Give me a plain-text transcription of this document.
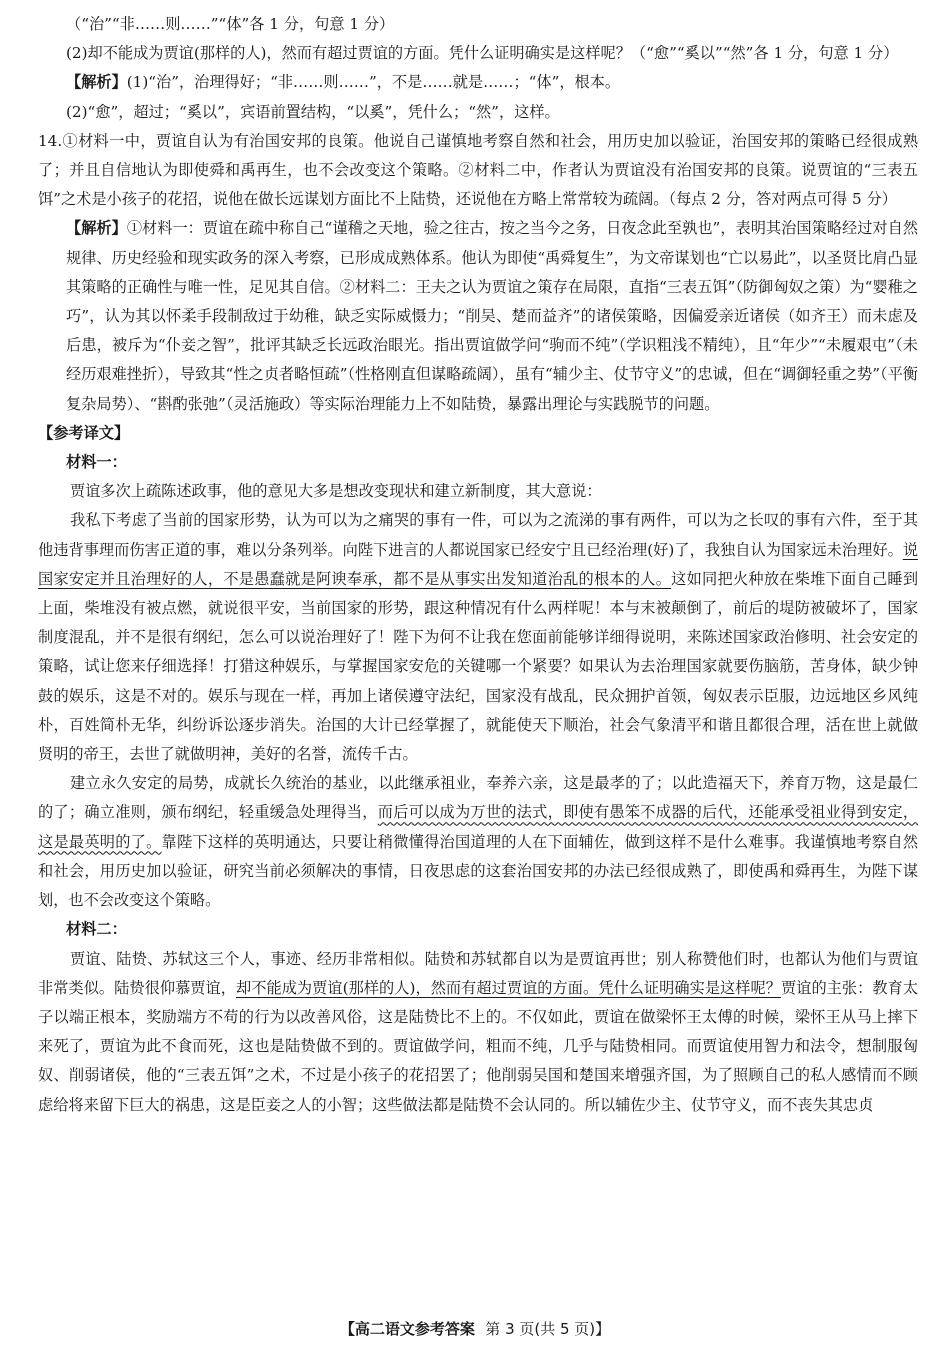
（“治”“非……则……”“体”各 1 分，句意 1 分）

(2)却不能成为贾谊(那样的人)，然而有超过贾谊的方面。凭什么证明确实是这样呢？（“愈”“奚以”“然”各 1 分，句意 1 分）

【解析】(1)“治”，治理得好；“非……则……”，不是……就是……；“体”，根本。

(2)“愈”，超过；“奚以”，宾语前置结构，“以奚”，凭什么；“然”，这样。

14.①材料一中，贾谊自认为有治国安邦的良策。他说自己谨慎地考察自然和社会，用历史加以验证，治国安邦的策略已经很成熟了；并且自信地认为即使舜和禹再生，也不会改变这个策略。②材料二中，作者认为贾谊没有治国安邦的良策。说贾谊的“三表五饵”之术是小孩子的花招，说他在做长远谋划方面比不上陆贽，还说他在方略上常常较为疏阔。（每点 2 分，答对两点可得 5 分）

【解析】①材料一：贾谊在疏中称自己“谨稽之天地，验之往古，按之当今之务，日夜念此至孰也”，表明其治国策略经过对自然规律、历史经验和现实政务的深入考察，已形成成熟体系。他认为即使“禹舜复生”，为文帝谋划也“亡以易此”，以圣贤比肩凸显其策略的正确性与唯一性，足见其自信。②材料二：王夫之认为贾谊之策存在局限，直指“三表五饵”（防御匈奴之策）为“婴稚之巧”，认为其以怀柔手段制敌过于幼稚，缺乏实际威慑力；“削吴、楚而益齐”的诸侯策略，因偏爱亲近诸侯（如齐王）而未虑及后患，被斥为“仆妾之智”，批评其缺乏长远政治眼光。指出贾谊做学问“驹而不纯”（学识粗浅不精纯），且“年少”“未履艰屯”（未经历艰难挫折），导致其“性之贞者略恒疏”（性格刚直但谋略疏阔），虽有“辅少主、仗节守义”的忠诚，但在“调御轻重之势”（平衡复杂局势）、“斟酌张弛”（灵活施政）等实际治理能力上不如陆贽，暴露出理论与实践脱节的问题。

【参考译文】

材料一：

贾谊多次上疏陈述政事，他的意见大多是想改变现状和建立新制度，其大意说：

我私下考虑了当前的国家形势，认为可以为之痛哭的事有一件，可以为之流涕的事有两件，可以为之长叹的事有六件，至于其他违背事理而伤害正道的事，难以分条列举。向陛下进言的人都说国家已经安宁且已经治理(好)了，我独自认为国家远未治理好。说国家安定并且治理好的人，不是愚蠢就是阿谀奉承，都不是从事实出发知道治乱的根本的人。这如同把火种放在柴堆下面自己睡到上面，柴堆没有被点燃，就说很平安，当前国家的形势，跟这种情况有什么两样呢！本与末被颠倒了，前后的堤防被破坏了，国家制度混乱，并不是很有纲纪，怎么可以说治理好了！陛下为何不让我在您面前能够详细得说明，来陈述国家政治修明、社会安定的策略，试让您来仔细选择！打猎这种娱乐，与掌握国家安危的关键哪一个紧要？如果认为去治理国家就要伤脑筋，苦身体，缺少钟鼓的娱乐，这是不对的。娱乐与现在一样，再加上诸侯遵守法纪，国家没有战乱，民众拥护首领，匈奴表示臣服，边远地区乡风纯朴，百姓简朴无华，纠纷诉讼逐步消失。治国的大计已经掌握了，就能使天下顺治，社会气象清平和谐且都很合理，活在世上就做贤明的帝王，去世了就做明神，美好的名誉，流传千古。

建立永久安定的局势，成就长久统治的基业，以此继承祖业，奉养六亲，这是最孝的了；以此造福天下，养育万物，这是最仁的了；确立准则，颁布纲纪，轻重缓急处理得当，而后可以成为万世的法式，即使有愚笨不成器的后代，还能承受祖业得到安定，这是最英明的了。靠陛下这样的英明通达，只要让稍微懂得治国道理的人在下面辅佐，做到这样不是什么难事。我谨慎地考察自然和社会，用历史加以验证，研究当前必须解决的事情，日夜思虑的这套治国安邦的办法已经很成熟了，即使禹和舜再生，为陛下谋划，也不会改变这个策略。

材料二：

贾谊、陆贽、苏轼这三个人，事迹、经历非常相似。陆贽和苏轼都自以为是贾谊再世；别人称赞他们时，也都认为他们与贾谊非常类似。陆贽很仰慕贾谊，却不能成为贾谊(那样的人)，然而有超过贾谊的方面。凭什么证明确实是这样呢？贾谊的主张：教育太子以端正根本，奖励端方不苟的行为以改善风俗，这是陆贽比不上的。不仅如此，贾谊在做梁怀王太傅的时候，梁怀王从马上摔下来死了，贾谊为此不食而死，这也是陆贽做不到的。贾谊做学问，粗而不纯，几乎与陆贽相同。而贾谊使用智力和法令，想制服匈奴、削弱诸侯，他的“三表五饵”之术，不过是小孩子的花招罢了；他削弱吴国和楚国来增强齐国，为了照顾自己的私人感情而不顾虑给将来留下巨大的祸患，这是臣妾之人的小智；这些做法都是陆贽不会认同的。所以辅佐少主、仗节守义，而不丧失其忠贞

【高二语文参考答案 第 3 页(共 5 页)】
